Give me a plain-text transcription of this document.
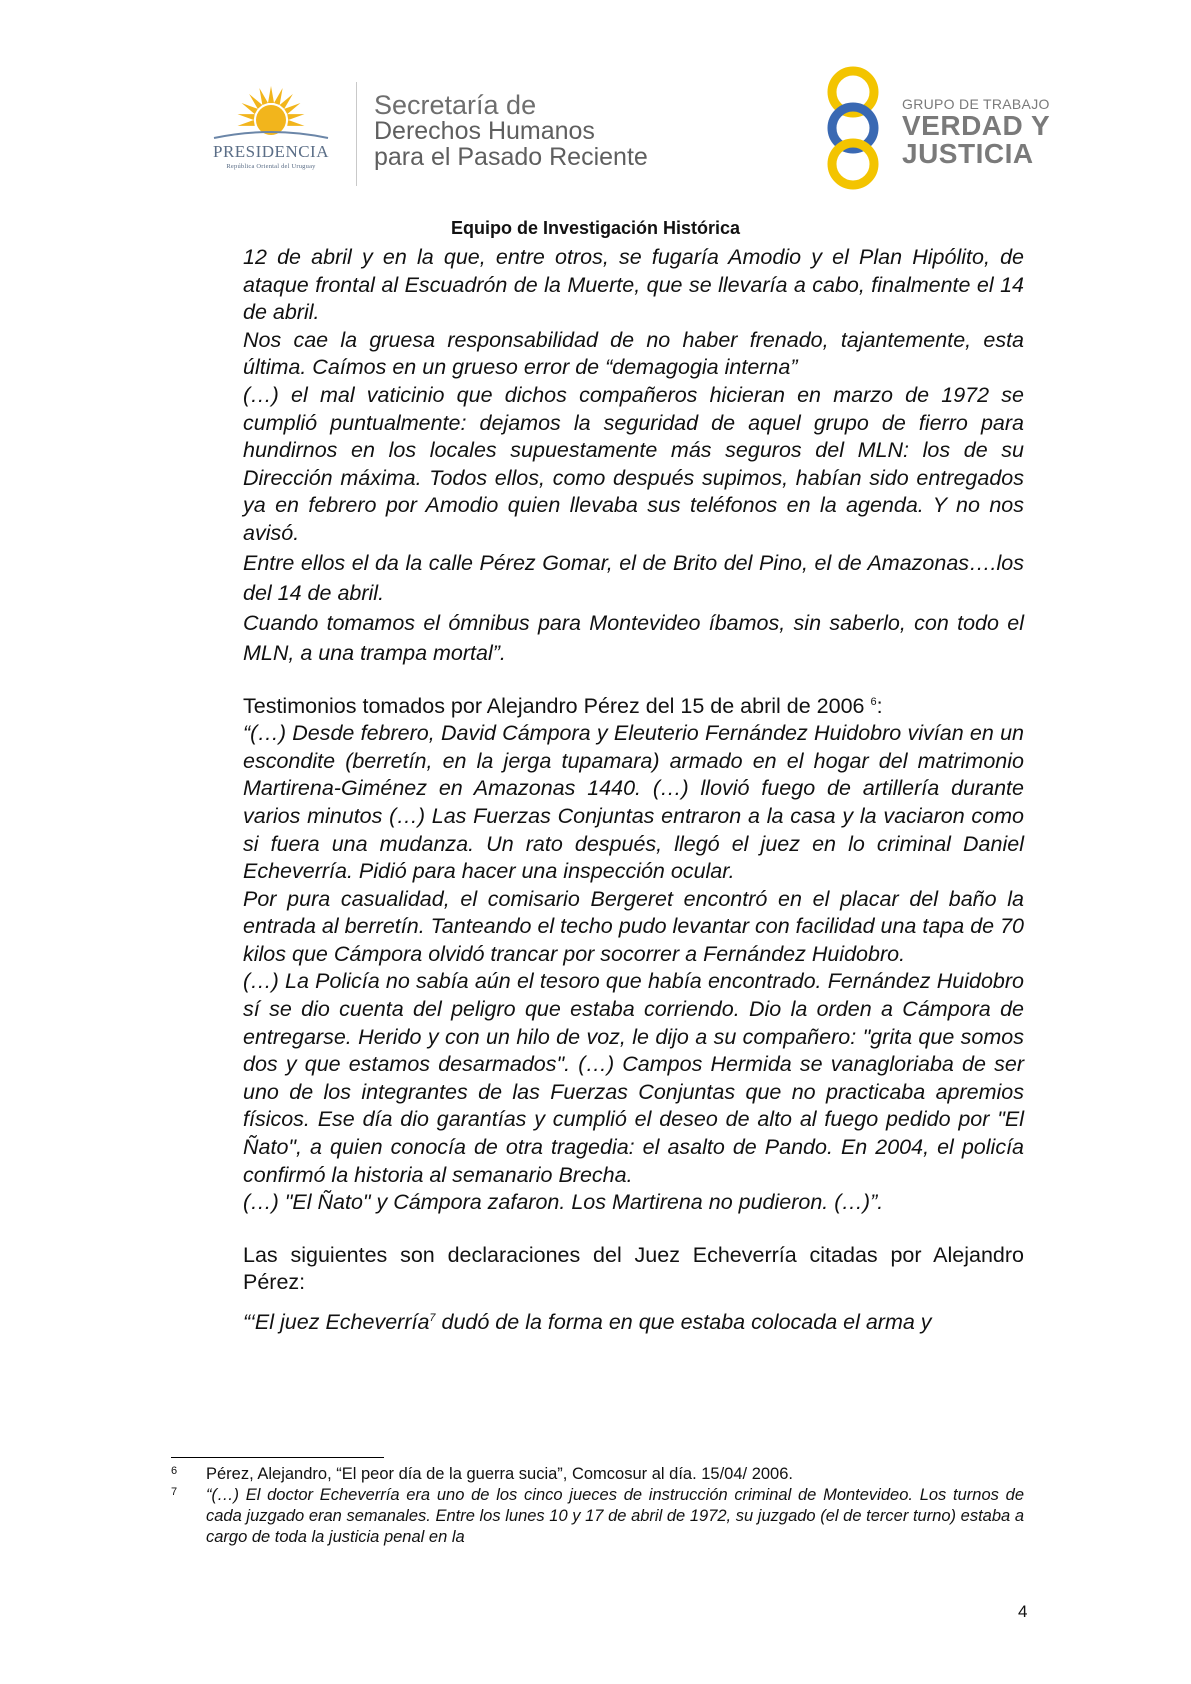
PRESIDENCIA
República Oriental del Uruguay
Secretaría de
Derechos Humanos
para el Pasado Reciente
GRUPO DE TRABAJO
VERDAD Y
JUSTICIA
Equipo de Investigación Histórica

12 de abril y en la que, entre otros, se fugaría Amodio y el Plan Hipólito, de ataque frontal al Escuadrón de la Muerte, que se llevaría a cabo, finalmente el 14 de abril.

Nos cae la gruesa responsabilidad de no haber frenado, tajantemente, esta última. Caímos en un grueso error de “demagogia interna”

(…) el mal vaticinio que dichos compañeros hicieran en marzo de 1972 se cumplió puntualmente: dejamos la seguridad de aquel grupo de fierro para hundirnos en los locales supuestamente más seguros del MLN: los de su Dirección máxima. Todos ellos, como después supimos, habían sido entregados ya en febrero por Amodio quien llevaba sus teléfonos en la agenda. Y no nos avisó.

Entre ellos el da la calle Pérez Gomar, el de Brito del Pino, el de Amazonas….los del 14 de abril.

Cuando tomamos el ómnibus para Montevideo íbamos, sin saberlo, con todo el MLN, a una trampa mortal”.

Testimonios tomados por Alejandro Pérez del 15 de abril de 2006 $^6$:

“(…) Desde febrero, David Cámpora y Eleuterio Fernández Huidobro vivían en un escondite (berretín, en la jerga tupamara) armado en el hogar del matrimonio Martirena-Giménez en Amazonas 1440. (…) llovió fuego de artillería durante varios minutos (…) Las Fuerzas Conjuntas entraron a la casa y la vaciaron como si fuera una mudanza. Un rato después, llegó el juez en lo criminal Daniel Echeverría. Pidió para hacer una inspección ocular.

Por pura casualidad, el comisario Bergeret encontró en el placar del baño la entrada al berretín. Tanteando el techo pudo levantar con facilidad una tapa de 70 kilos que Cámpora olvidó trancar por socorrer a Fernández Huidobro.

(…) La Policía no sabía aún el tesoro que había encontrado. Fernández Huidobro sí se dio cuenta del peligro que estaba corriendo. Dio la orden a Cámpora de entregarse. Herido y con un hilo de voz, le dijo a su compañero: "grita que somos dos y que estamos desarmados". (…) Campos Hermida se vanagloriaba de ser uno de los integrantes de las Fuerzas Conjuntas que no practicaba apremios físicos. Ese día dio garantías y cumplió el deseo de alto al fuego pedido por "El Ñato", a quien conocía de otra tragedia: el asalto de Pando. En 2004, el policía confirmó la historia al semanario Brecha.

(…) "El Ñato" y Cámpora zafaron. Los Martirena no pudieron. (…)”.

Las siguientes son declaraciones del Juez Echeverría citadas por Alejandro Pérez:

“‘El juez Echeverría$^7$ dudó de la forma en que estaba colocada el arma y

6 Pérez, Alejandro, “El peor día de la guerra sucia”, Comcosur al día. 15/04/ 2006.
7 “(…) El doctor Echeverría era uno de los cinco jueces de instrucción criminal de Montevideo. Los turnos de cada juzgado eran semanales. Entre los lunes 10 y 17 de abril de 1972, su juzgado (el de tercer turno) estaba a cargo de toda la justicia penal en la
4
